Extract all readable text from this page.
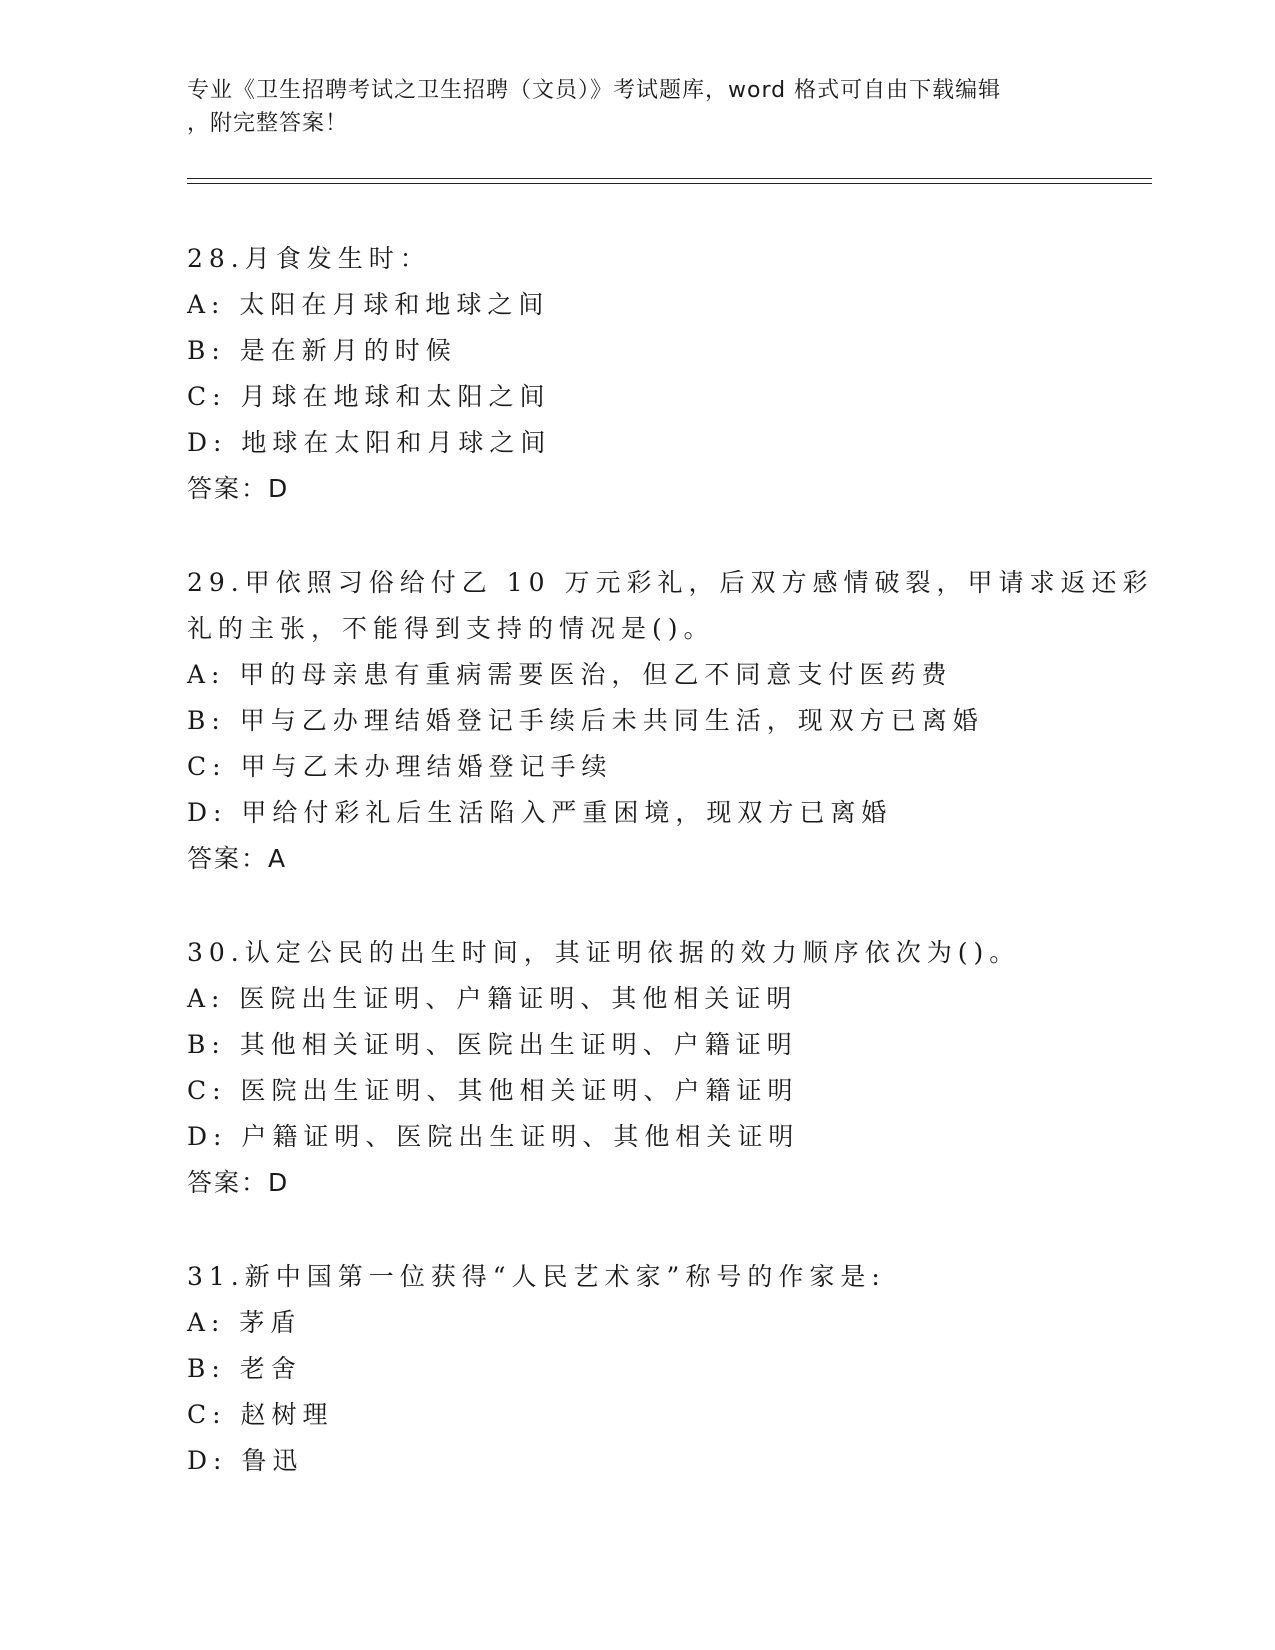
专业《卫生招聘考试之卫生招聘（文员）》考试题库，word 格式可自由下载编辑
，附完整答案！

28.月食发生时：

A: 太阳在月球和地球之间

B: 是在新月的时候

C: 月球在地球和太阳之间

D: 地球在太阳和月球之间

答案：D

29.甲依照习俗给付乙 10 万元彩礼，后双方感情破裂，甲请求返还彩

礼的主张，不能得到支持的情况是()。

A: 甲的母亲患有重病需要医治，但乙不同意支付医药费

B: 甲与乙办理结婚登记手续后未共同生活，现双方已离婚

C: 甲与乙未办理结婚登记手续

D: 甲给付彩礼后生活陷入严重困境，现双方已离婚

答案：A

30.认定公民的出生时间，其证明依据的效力顺序依次为()。

A: 医院出生证明、户籍证明、其他相关证明

B: 其他相关证明、医院出生证明、户籍证明

C: 医院出生证明、其他相关证明、户籍证明

D: 户籍证明、医院出生证明、其他相关证明

答案：D

31.新中国第一位获得“人民艺术家”称号的作家是:

A: 茅盾

B: 老舍

C: 赵树理

D: 鲁迅
